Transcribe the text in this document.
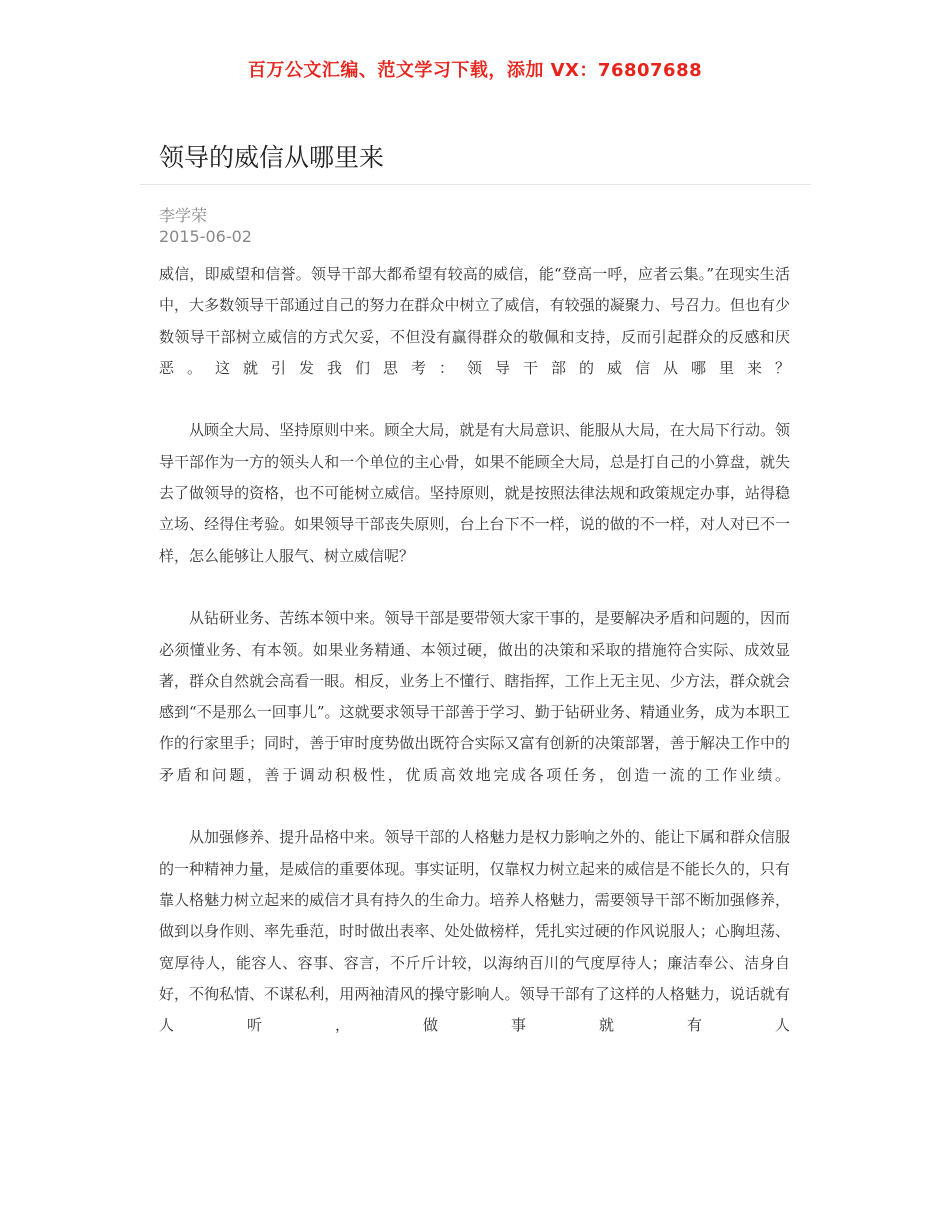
百万公文汇编、范文学习下载，添加 VX：76807688
领导的威信从哪里来
李学荣
2015-06-02

威信，即威望和信誉。领导干部大都希望有较高的威信，能“登高一呼，应者云集。”在现实生活中，大多数领导干部通过自己的努力在群众中树立了威信，有较强的凝聚力、号召力。但也有少数领导干部树立威信的方式欠妥，不但没有赢得群众的敬佩和支持，反而引起群众的反感和厌恶。这就引发我们思考：领导干部的威信从哪里来？

从顾全大局、坚持原则中来。顾全大局，就是有大局意识、能服从大局，在大局下行动。领导干部作为一方的领头人和一个单位的主心骨，如果不能顾全大局，总是打自己的小算盘，就失去了做领导的资格，也不可能树立威信。坚持原则，就是按照法律法规和政策规定办事，站得稳立场、经得住考验。如果领导干部丧失原则，台上台下不一样，说的做的不一样，对人对已不一样，怎么能够让人服气、树立威信呢？

从钻研业务、苦练本领中来。领导干部是要带领大家干事的，是要解决矛盾和问题的，因而必须懂业务、有本领。如果业务精通、本领过硬，做出的决策和采取的措施符合实际、成效显著，群众自然就会高看一眼。相反，业务上不懂行、瞎指挥，工作上无主见、少方法，群众就会感到“不是那么一回事儿”。这就要求领导干部善于学习、勤于钻研业务、精通业务，成为本职工作的行家里手；同时，善于审时度势做出既符合实际又富有创新的决策部署，善于解决工作中的矛盾和问题，善于调动积极性，优质高效地完成各项任务，创造一流的工作业绩。

从加强修养、提升品格中来。领导干部的人格魅力是权力影响之外的、能让下属和群众信服的一种精神力量，是威信的重要体现。事实证明，仅靠权力树立起来的威信是不能长久的，只有靠人格魅力树立起来的威信才具有持久的生命力。培养人格魅力，需要领导干部不断加强修养，做到以身作则、率先垂范，时时做出表率、处处做榜样，凭扎实过硬的作风说服人；心胸坦荡、宽厚待人，能容人、容事、容言，不斤斤计较，以海纳百川的气度厚待人；廉洁奉公、洁身自好，不徇私情、不谋私利，用两袖清风的操守影响人。领导干部有了这样的人格魅力，说话就有人听，做事就有人
